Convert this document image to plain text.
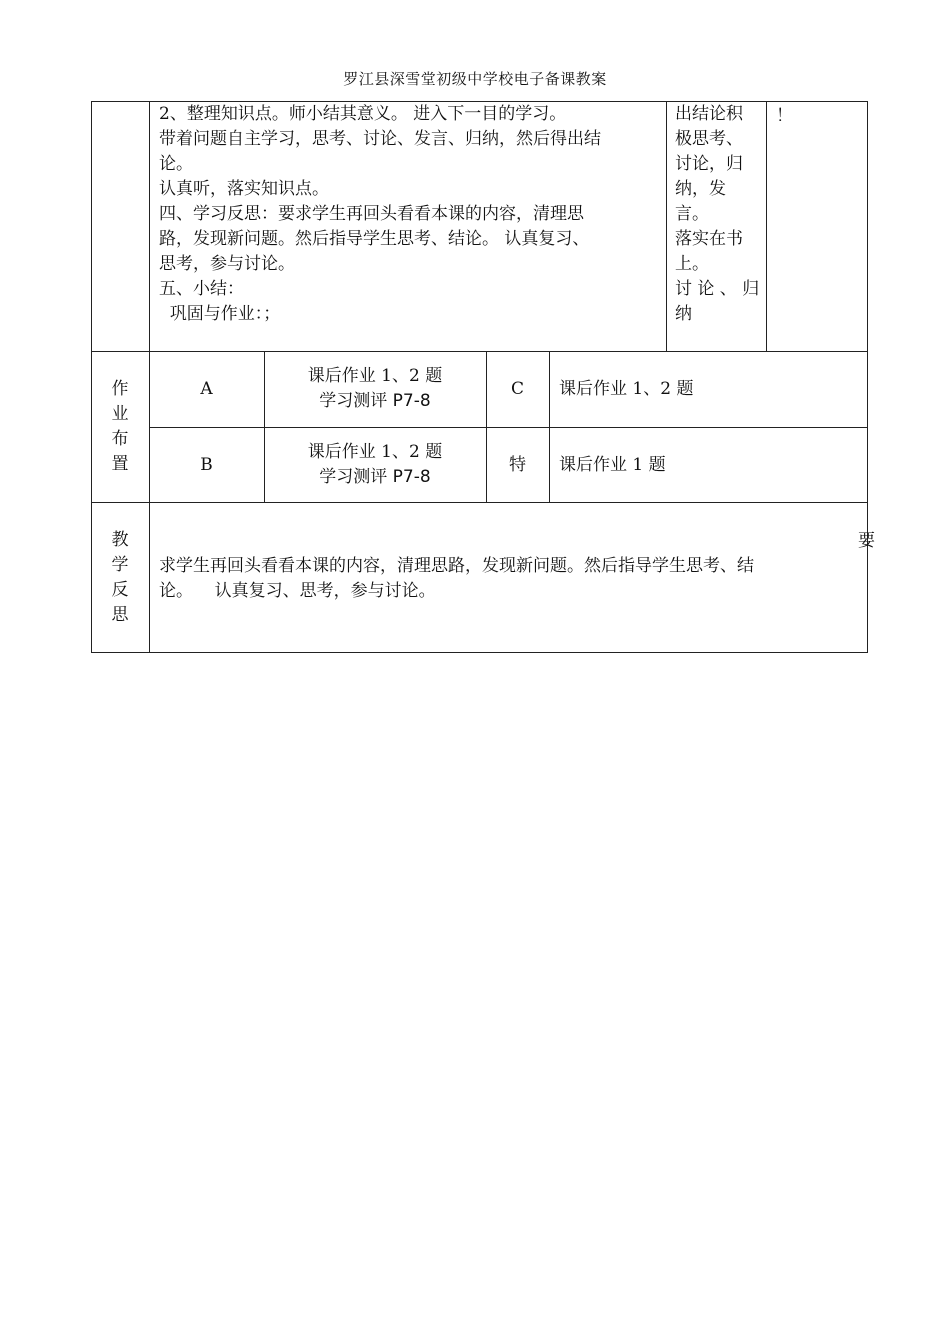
罗江县深雪堂初级中学校电子备课教案
2、整理知识点。师小结其意义。 进入下一目的学习。
带着问题自主学习，思考、讨论、发言、归纳，然后得出结
论。
认真听，落实知识点。
四、学习反思：要求学生再回头看看本课的内容，清理思
路，发现新问题。然后指导学生思考、结论。 认真复习、
思考，参与讨论。
五、小结：
巩固与作业：；
出结论积
极思考、
讨论，归
纳，发
言。
落实在书
上。
讨 论 、 归
纳
！
作
业
布
置
A
课后作业 1、2 题
学习测评 P7-8
C	课后作业 1、2 题
B
课后作业 1、2 题
学习测评 P7-8
特	课后作业 1 题
教
学
反
思
要
求学生再回头看看本课的内容，清理思路，发现新问题。然后指导学生思考、结
论。    认真复习、思考，参与讨论。
